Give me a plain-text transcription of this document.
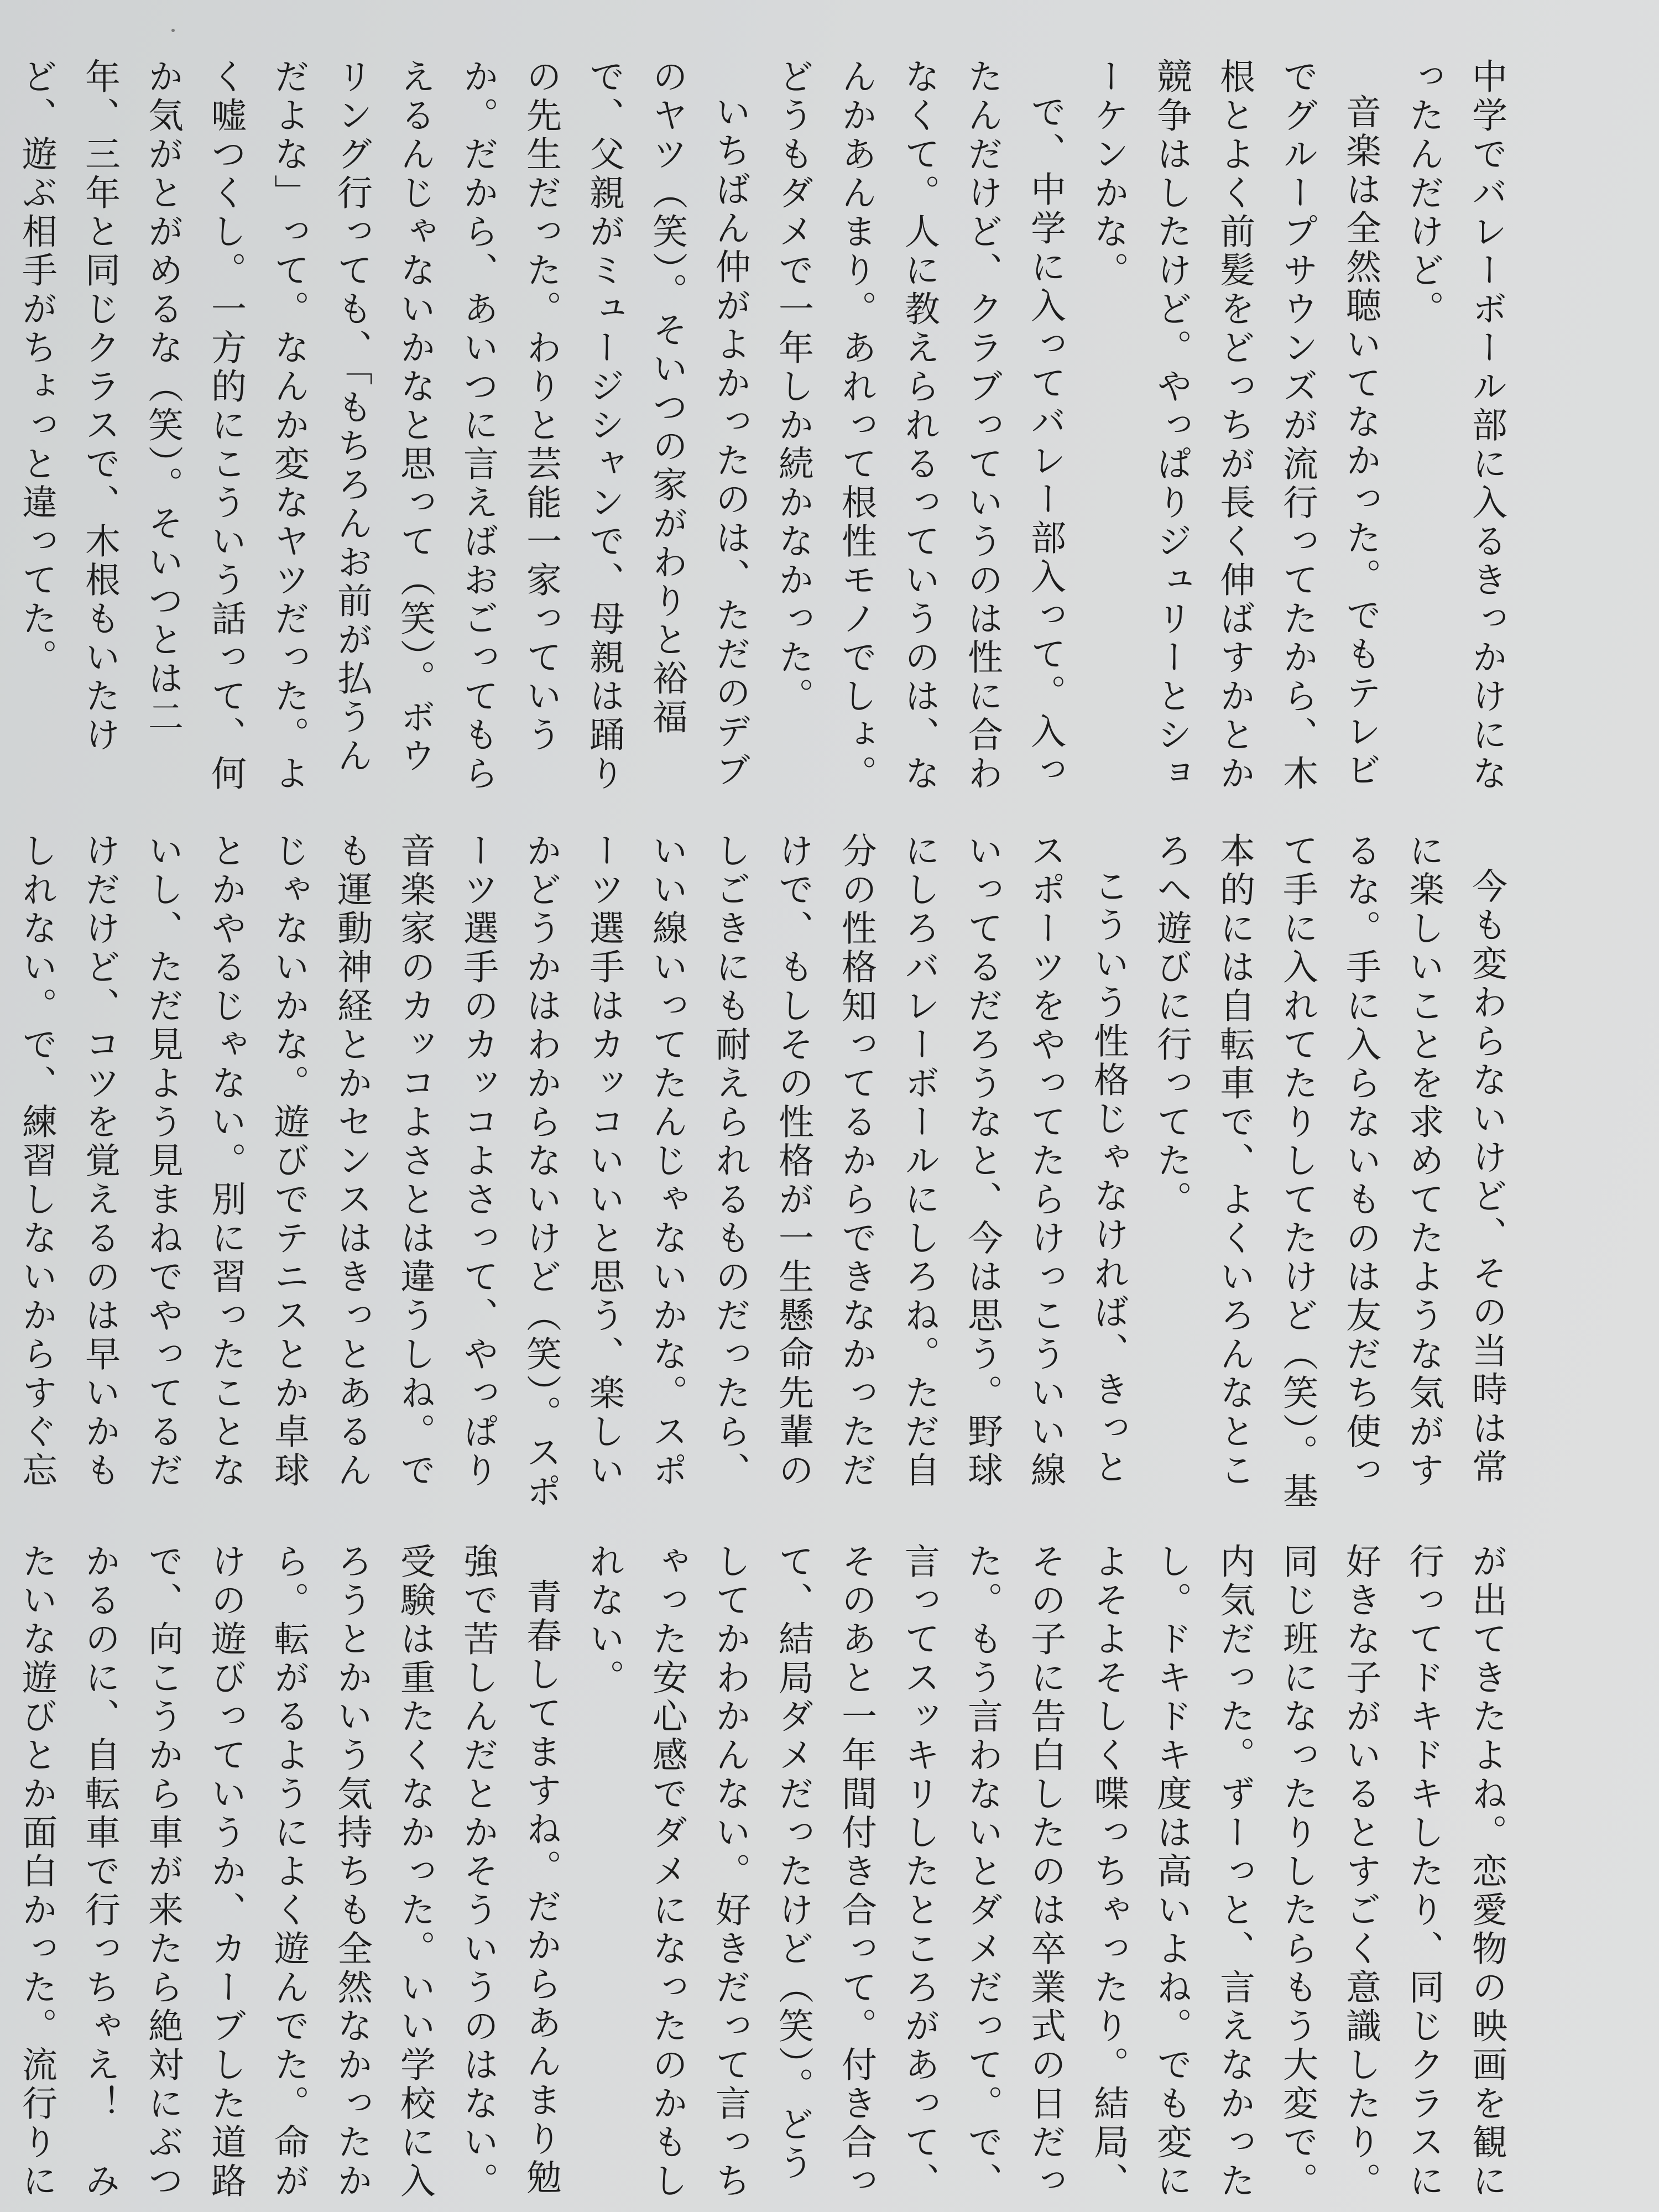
中学でバレーボール部に入るきっかけになったんだけど。

音楽は全然聴いてなかった。でもテレビでグループサウンズが流行ってたから、木根とよく前髪をどっちが長く伸ばすかとか競争はしたけど。やっぱりジュリーとショーケンかな。

で、中学に入ってバレー部入って。入ったんだけど、クラブっていうのは性に合わなくて。人に教えられるっていうのは、なんかあんまり。あれって根性モノでしょ。どうもダメで一年しか続かなかった。

いちばん仲がよかったのは、ただのデブのヤツ（笑）。そいつの家がわりと裕福で、父親がミュージシャンで、母親は踊りの先生だった。わりと芸能一家っていうか。だから、あいつに言えばおごってもらえるんじゃないかなと思って（笑）。ボウリング行っても、「もちろんお前が払うんだよな」って。なんか変なヤツだった。よく嘘つくし。一方的にこういう話って、何か気がとがめるな（笑）。そいつとは二年、三年と同じクラスで、木根もいたけど、遊ぶ相手がちょっと違ってた。

今も変わらないけど、その当時は常に楽しいことを求めてたような気がするな。手に入らないものは友だち使って手に入れてたりしてたけど（笑）。基本的には自転車で、よくいろんなところへ遊びに行ってた。

こういう性格じゃなければ、きっとスポーツをやってたらけっこういい線いってるだろうなと、今は思う。野球にしろバレーボールにしろね。ただ自分の性格知ってるからできなかっただけで、もしその性格が一生懸命先輩のしごきにも耐えられるものだったら、いい線いってたんじゃないかな。スポーツ選手はカッコいいと思う、楽しいかどうかはわからないけど（笑）。スポーツ選手のカッコよさって、やっぱり音楽家のカッコよさとは違うしね。でも運動神経とかセンスはきっとあるんじゃないかな。遊びでテニスとか卓球とかやるじゃない。別に習ったことないし、ただ見よう見まねでやってるだけだけど、コツを覚えるのは早いかもしれない。で、練習しないからすぐ忘

が出てきたよね。恋愛物の映画を観に行ってドキドキしたり、同じクラスに好きな子がいるとすごく意識したり。同じ班になったりしたらもう大変で。内気だった。ずーっと、言えなかったし。ドキドキ度は高いよね。でも変によそよそしく喋っちゃったり。結局、その子に告白したのは卒業式の日だった。もう言わないとダメだって。で、言ってスッキリしたところがあって、そのあと一年間付き合って。付き合って、結局ダメだったけど（笑）。どうしてかわかんない。好きだって言っちゃった安心感でダメになったのかもしれない。

青春してますね。だからあんまり勉強で苦しんだとかそういうのはない。受験は重たくなかった。いい学校に入ろうとかいう気持ちも全然なかったから。転がるようによく遊んでた。命がけの遊びっていうか、カーブした道路で、向こうから車が来たら絶対にぶつかるのに、自転車で行っちゃえ！　みたいな遊びとか面白かった。流行りに
